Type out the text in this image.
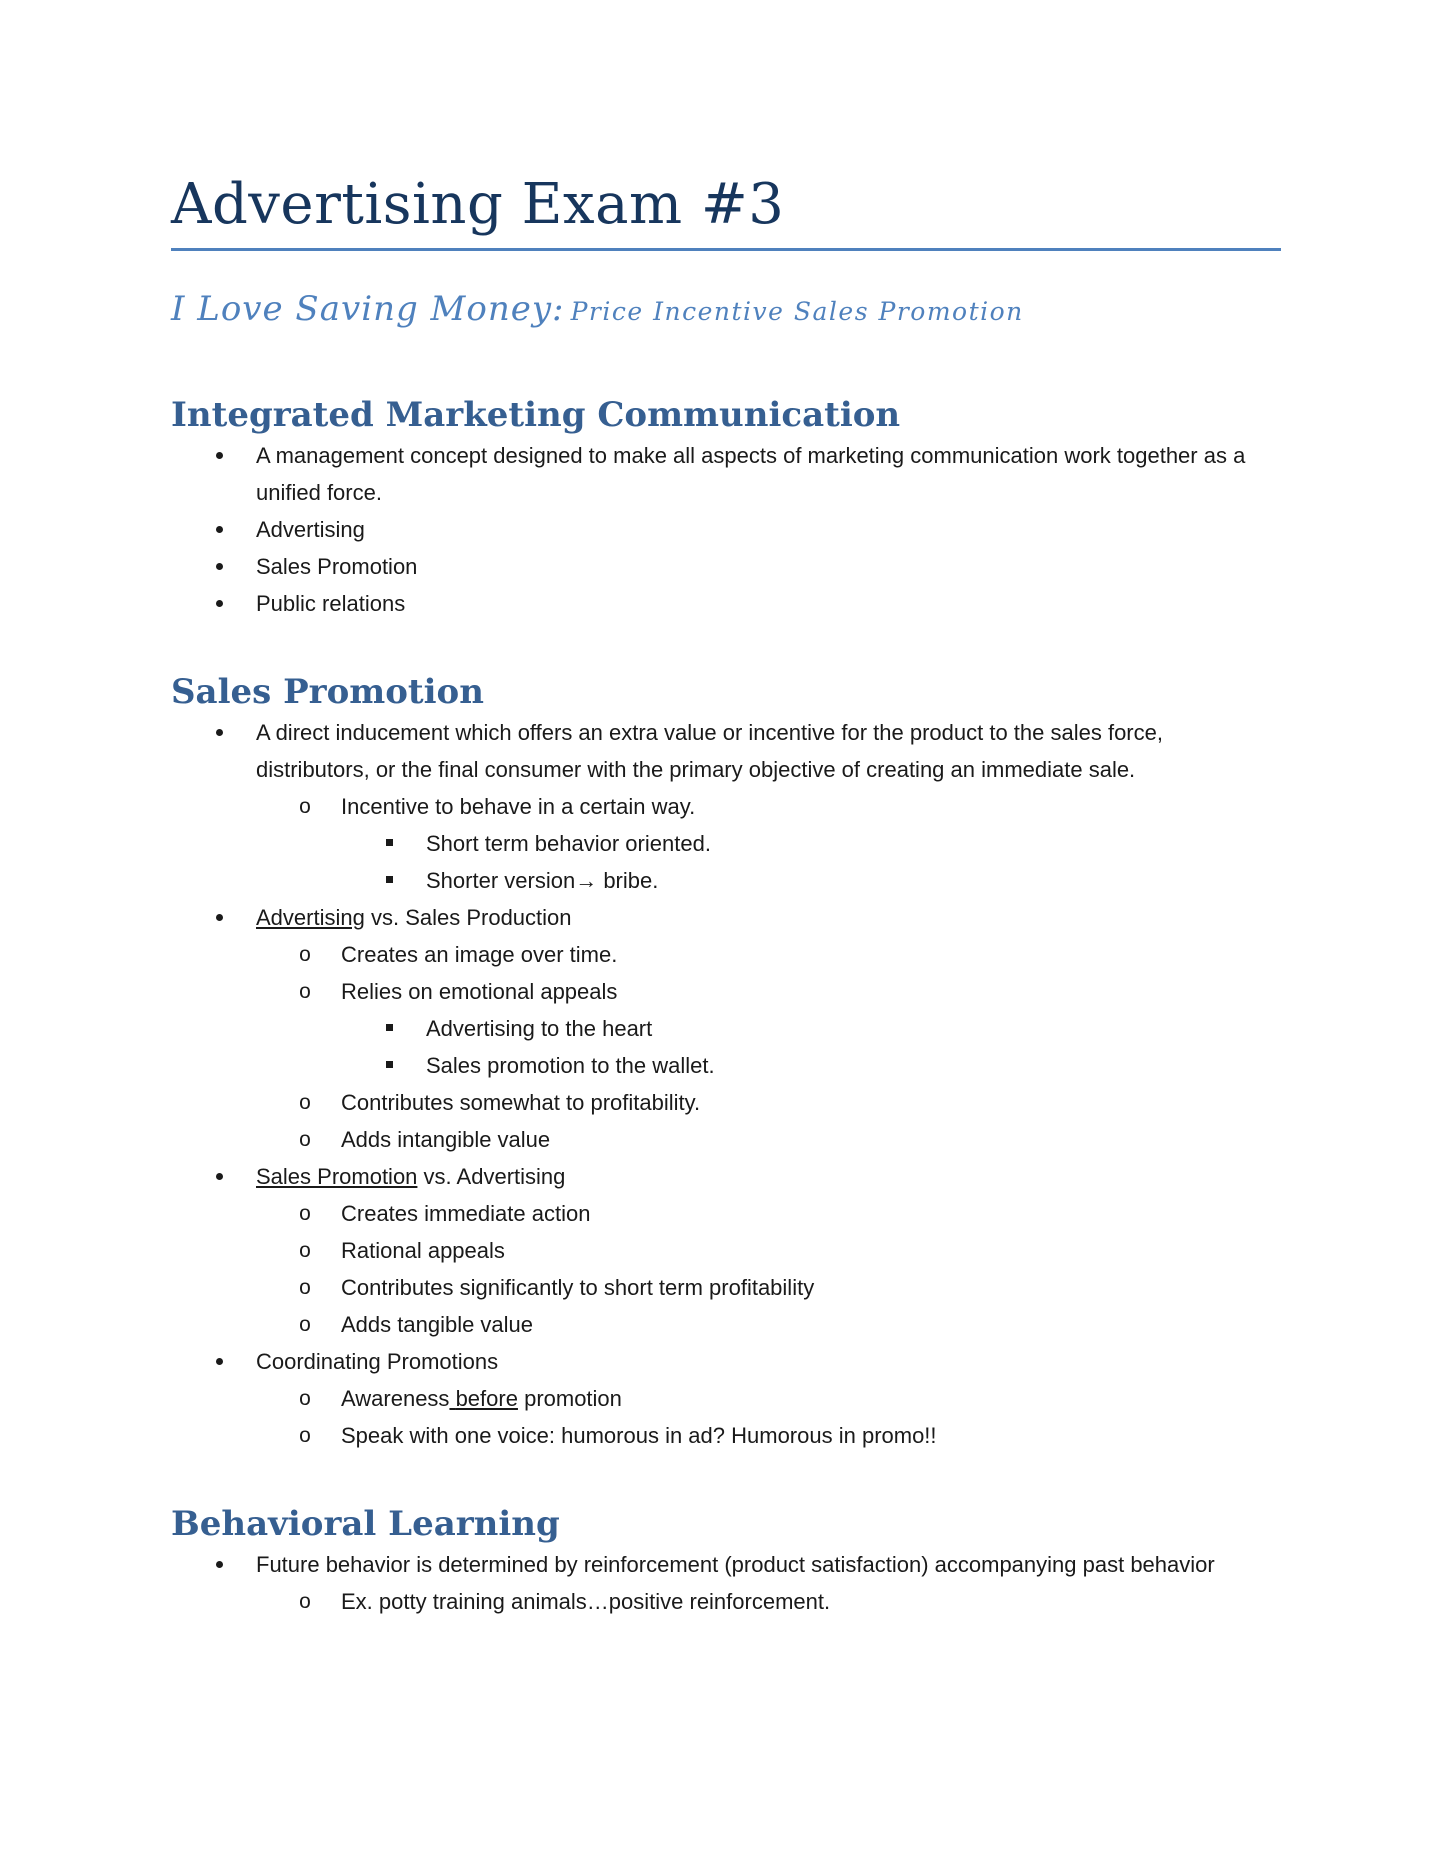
Advertising Exam #3
I Love Saving Money: Price Incentive Sales Promotion
Integrated Marketing Communication
A management concept designed to make all aspects of marketing communication work together as a unified force.
Advertising
Sales Promotion
Public relations
Sales Promotion
A direct inducement which offers an extra value or incentive for the product to the sales force, distributors, or the final consumer with the primary objective of creating an immediate sale.
o Incentive to behave in a certain way.
Short term behavior oriented.
Shorter version→ bribe.
Advertising vs. Sales Production
o Creates an image over time.
o Relies on emotional appeals
Advertising to the heart
Sales promotion to the wallet.
o Contributes somewhat to profitability.
o Adds intangible value
Sales Promotion vs. Advertising
o Creates immediate action
o Rational appeals
o Contributes significantly to short term profitability
o Adds tangible value
Coordinating Promotions
o Awareness before promotion
o Speak with one voice: humorous in ad? Humorous in promo!!
Behavioral Learning
Future behavior is determined by reinforcement (product satisfaction) accompanying past behavior
o Ex. potty training animals…positive reinforcement.
